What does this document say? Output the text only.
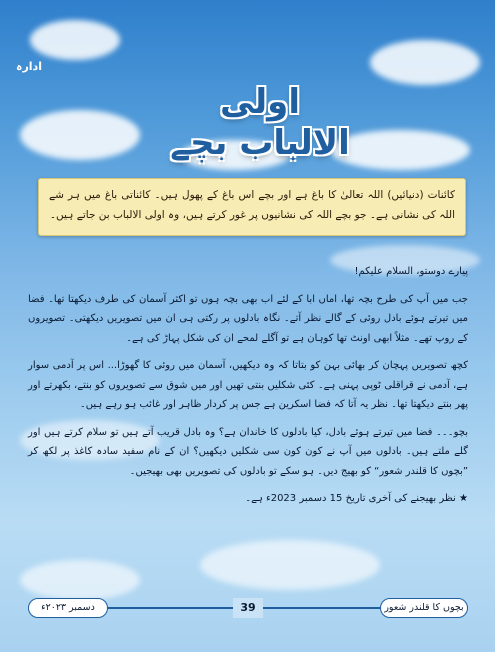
ادارہ
اولی الالباب بچے
کائنات (دنیائیں) اللہ تعالیٰ کا باغ ہے اور بچے اس باغ کے پھول ہیں۔ کائناتی باغ میں ہر شے اللہ کی نشانی ہے۔ جو بچے اللہ کی نشانیوں پر غور کرتے ہیں، وہ اولی الالباب بن جاتے ہیں۔

پیارے دوستو، السلام علیکم!

جب میں آپ کی طرح بچہ تھا، اماں ابا کے لئے اب بھی بچہ ہوں تو اکثر آسمان کی طرف دیکھتا تھا۔ فضا میں تیرتے ہوئے بادل روئی کے گالے نظر آتے۔ نگاہ بادلوں پر رکتی ہی ان میں تصویریں دیکھتی۔ تصویروں کے روپ تھے۔ مثلاً ابھی اونٹ تھا کوہان ہے تو آگلے لمحے ان کی شکل پہاڑ کی ہے۔

کچھ تصویریں پہچان کر بھائی بہن کو بتاتا کہ وہ دیکھیں، آسمان میں روئی کا گھوڑا... اس پر آدمی سوار ہے، آدمی نے قراقلی ٹوپی پہنی ہے۔ کئی شکلیں بنتی تھیں اور میں شوق سے تصویروں کو بنتے، بکھرتے اور پھر بنتے دیکھتا تھا۔ نظر یہ آتا کہ فضا اسکرین ہے جس پر کردار ظاہر اور غائب ہو رہے ہیں۔

بچو۔۔۔ فضا میں تیرتے ہوئے بادل، کیا بادلوں کا خاندان ہے؟ وہ بادل قریب آتے ہیں تو سلام کرتے ہیں اور گلے ملتے ہیں۔ بادلوں میں آپ نے کون کون سی شکلیں دیکھیں؟ ان کے نام سفید سادہ کاغذ پر لکھ کر ”بچوں کا قلندر شعور“ کو بھیج دیں۔ ہو سکے تو بادلوں کی تصویریں بھی بھیجیں۔

★ نظر بھیجنے کی آخری تاریخ 15 دسمبر 2023ء ہے۔

دسمبر ۲۰۲۳ء	39	بچوں کا قلندر شعور
